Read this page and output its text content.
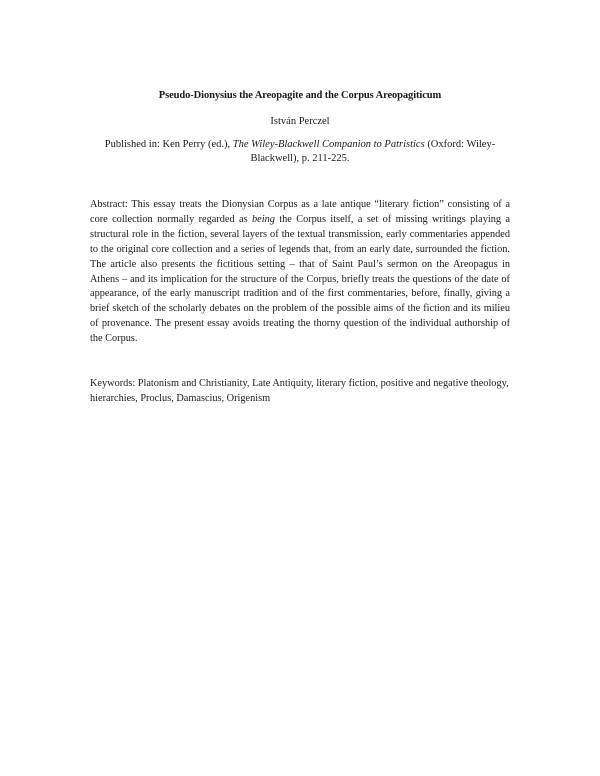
Pseudo-Dionysius the Areopagite and the Corpus Areopagiticum
István Perczel
Published in: Ken Perry (ed.), The Wiley-Blackwell Companion to Patristics (Oxford: Wiley-Blackwell), p. 211-225.
Abstract: This essay treats the Dionysian Corpus as a late antique “literary fiction” consisting of a core collection normally regarded as being the Corpus itself, a set of missing writings playing a structural role in the fiction, several layers of the textual transmission, early commentaries appended to the original core collection and a series of legends that, from an early date, surrounded the fiction. The article also presents the fictitious setting – that of Saint Paul’s sermon on the Areopagus in Athens – and its implication for the structure of the Corpus, briefly treats the questions of the date of appearance, of the early manuscript tradition and of the first commentaries, before, finally, giving a brief sketch of the scholarly debates on the problem of the possible aims of the fiction and its milieu of provenance. The present essay avoids treating the thorny question of the individual authorship of the Corpus.
Keywords: Platonism and Christianity, Late Antiquity, literary fiction, positive and negative theology, hierarchies, Proclus, Damascius, Origenism
